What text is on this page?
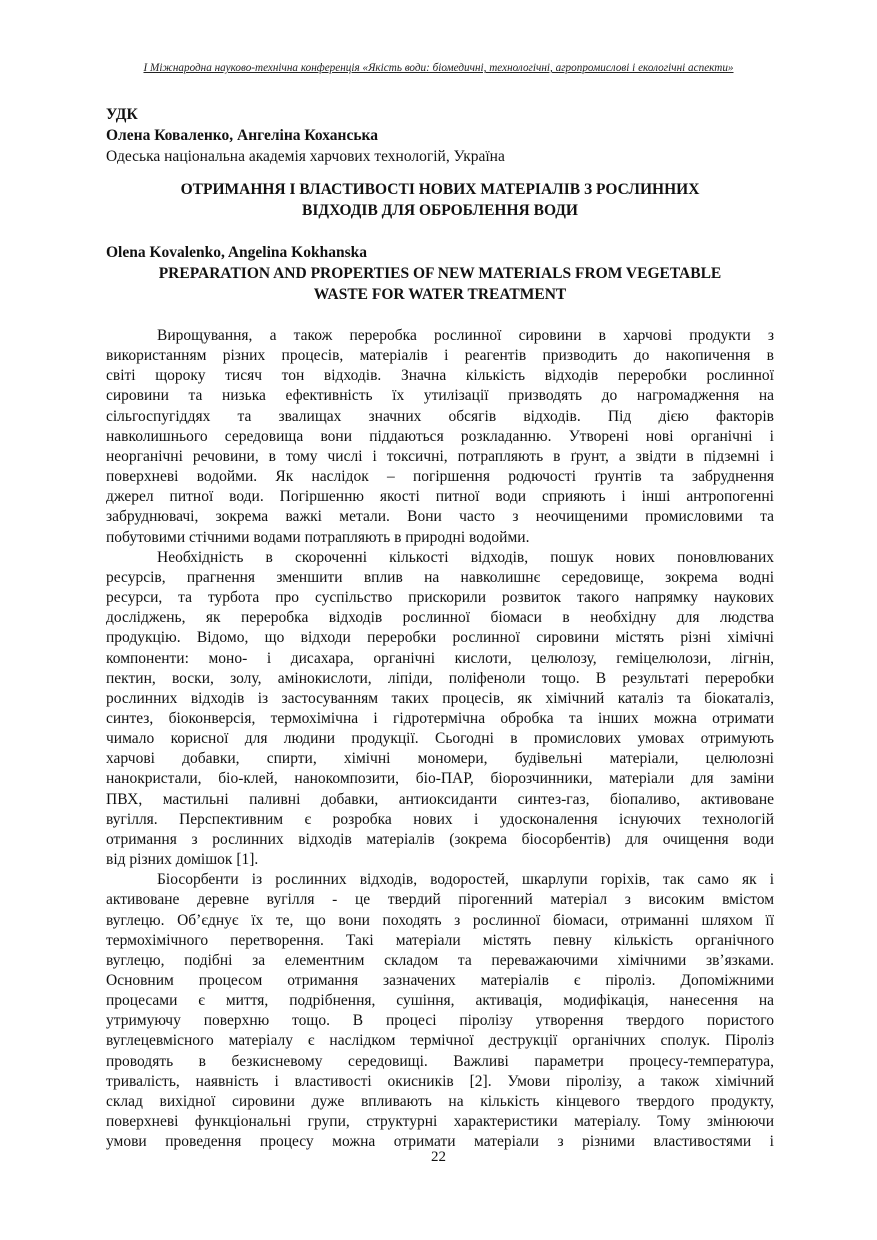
І Міжнародна науково-технічна конференція «Якість води: біомедичні, технологічні, агропромислові і екологічні аспекти»
УДК
Олена Коваленко, Ангеліна Коханська
Одеська національна академія харчових технологій, Україна
ОТРИМАННЯ І ВЛАСТИВОСТІ НОВИХ МАТЕРІАЛІВ З РОСЛИННИХ
ВІДХОДІВ ДЛЯ ОБРОБЛЕННЯ ВОДИ
Olena Kovalenko, Angelina Kokhanska
PREPARATION AND PROPERTIES OF NEW MATERIALS FROM VEGETABLE
WASTE FOR WATER TREATMENT
Вирощування, а також переробка рослинної сировини в харчові продукти з
використанням різних процесів, матеріалів і реагентів призводить до накопичення в
світі щороку тисяч тон відходів. Значна кількість відходів переробки рослинної
сировини та низька ефективність їх утилізації призводять до нагромадження на
сільгоспугіддях та звалищах значних обсягів відходів. Під дією факторів
навколишнього середовища вони піддаються розкладанню. Утворені нові органічні і
неорганічні речовини, в тому числі і токсичні, потрапляють в ґрунт, а звідти в підземні і
поверхневі водойми. Як наслідок – погіршення родючості ґрунтів та забруднення
джерел питної води. Погіршенню якості питної води сприяють і інші антропогенні
забруднювачі, зокрема важкі метали. Вони часто з неочищеними промисловими та
побутовими стічними водами потрапляють в природні водойми.
Необхідність в скороченні кількості відходів, пошук нових поновлюваних
ресурсів, прагнення зменшити вплив на навколишнє середовище, зокрема водні
ресурси, та турбота про суспільство прискорили розвиток такого напрямку наукових
досліджень, як переробка відходів рослинної біомаси в необхідну для людства
продукцію. Відомо, що відходи переробки рослинної сировини містять різні хімічні
компоненти: моно- і дисахара, органічні кислоти, целюлозу, геміцелюлози, лігнін,
пектин, воски, золу, амінокислоти, ліпіди, поліфеноли тощо. В результаті переробки
рослинних відходів із застосуванням таких процесів, як хімічний каталіз та біокаталіз,
синтез, біоконверсія, термохімічна і гідротермічна обробка та інших можна отримати
чимало корисної для людини продукції. Сьогодні в промислових умовах отримують
харчові добавки, спирти, хімічні мономери, будівельні матеріали, целюлозні
нанокристали, біо-клей, нанокомпозити, біо-ПАР, біорозчинники, матеріали для заміни
ПВХ, мастильні паливні добавки, антиоксиданти синтез-газ, біопаливо, активоване
вугілля. Перспективним є розробка нових і удосконалення існуючих технологій
отримання з рослинних відходів матеріалів (зокрема біосорбентів) для очищення води
від різних домішок [1].
Біосорбенти із рослинних відходів, водоростей, шкарлупи горіхів, так само як і
активоване деревне вугілля - це твердий пірогенний матеріал з високим вмістом
вуглецю. Об’єднує їх те, що вони походять з рослинної біомаси, отриманні шляхом її
термохімічного перетворення. Такі матеріали містять певну кількість органічного
вуглецю, подібні за елементним складом та переважаючими хімічними зв’язками.
Основним процесом отримання зазначених матеріалів є піроліз. Допоміжними
процесами є миття, подрібнення, сушіння, активація, модифікація, нанесення на
утримуючу поверхню тощо. В процесі піролізу утворення твердого пористого
вуглецевмісного матеріалу є наслідком термічної деструкції органічних сполук. Піроліз
проводять в безкисневому середовищі. Важливі параметри процесу-температура,
тривалість, наявність і властивості окисників [2]. Умови піролізу, а також хімічний
склад вихідної сировини дуже впливають на кількість кінцевого твердого продукту,
поверхневі функціональні групи, структурні характеристики матеріалу. Тому змінюючи
умови проведення процесу можна отримати матеріали з різними властивостями і
22
